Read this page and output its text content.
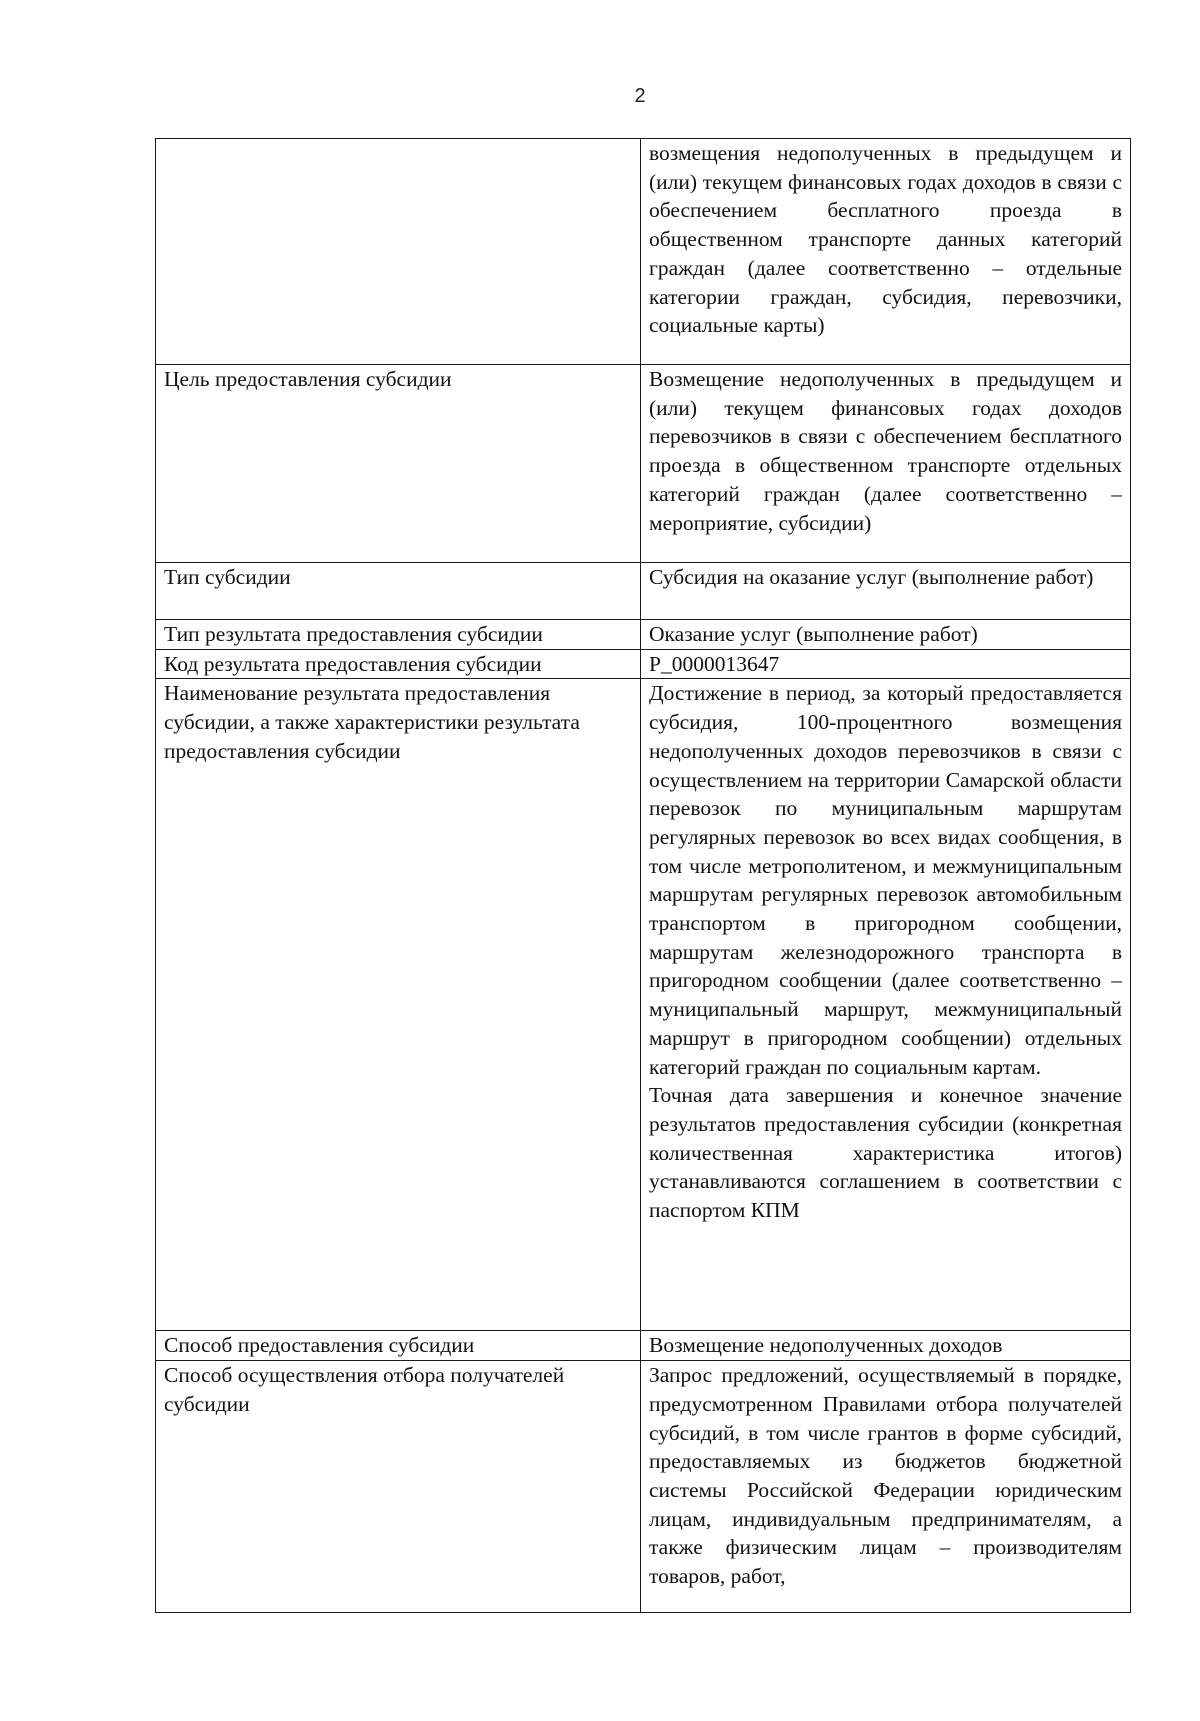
2

	возмещения недополученных в предыдущем и (или) текущем финансовых годах доходов в связи с обеспечением бесплатного проезда в общественном транспорте данных категорий граждан (далее соответственно – отдельные категории граждан, субсидия, перевозчики, социальные карты)

Цель предоставления субсидии	Возмещение недополученных в предыдущем и (или) текущем финансовых годах доходов перевозчиков в связи с обеспечением бесплатного проезда в общественном транспорте отдельных категорий граждан (далее соответственно – мероприятие, субсидии)

Тип субсидии	Субсидия на оказание услуг (выполнение работ)

Тип результата предоставления субсидии	Оказание услуг (выполнение работ)

Код результата предоставления субсидии	P_0000013647

Наименование результата предоставления субсидии, а также характеристики результата предоставления субсидии	Достижение в период, за который предоставляется субсидия, 100-процентного возмещения недополученных доходов перевозчиков в связи с осуществлением на территории Самарской области перевозок по муниципальным маршрутам регулярных перевозок во всех видах сообщения, в том числе метрополитеном, и межмуниципальным маршрутам регулярных перевозок автомобильным транспортом в пригородном сообщении, маршрутам железнодорожного транспорта в пригородном сообщении (далее соответственно – муниципальный маршрут, межмуниципальный маршрут в пригородном сообщении) отдельных категорий граждан по социальным картам.
Точная дата завершения и конечное значение результатов предоставления субсидии (конкретная количественная характеристика итогов) устанавливаются соглашением в соответствии с паспортом КПМ

Способ предоставления субсидии	Возмещение недополученных доходов

Способ осуществления отбора получателей субсидии	Запрос предложений, осуществляемый в порядке, предусмотренном Правилами отбора получателей субсидий, в том числе грантов в форме субсидий, предоставляемых из бюджетов бюджетной системы Российской Федерации юридическим лицам, индивидуальным предпринимателям, а также физическим лицам – производителям товаров, работ,
